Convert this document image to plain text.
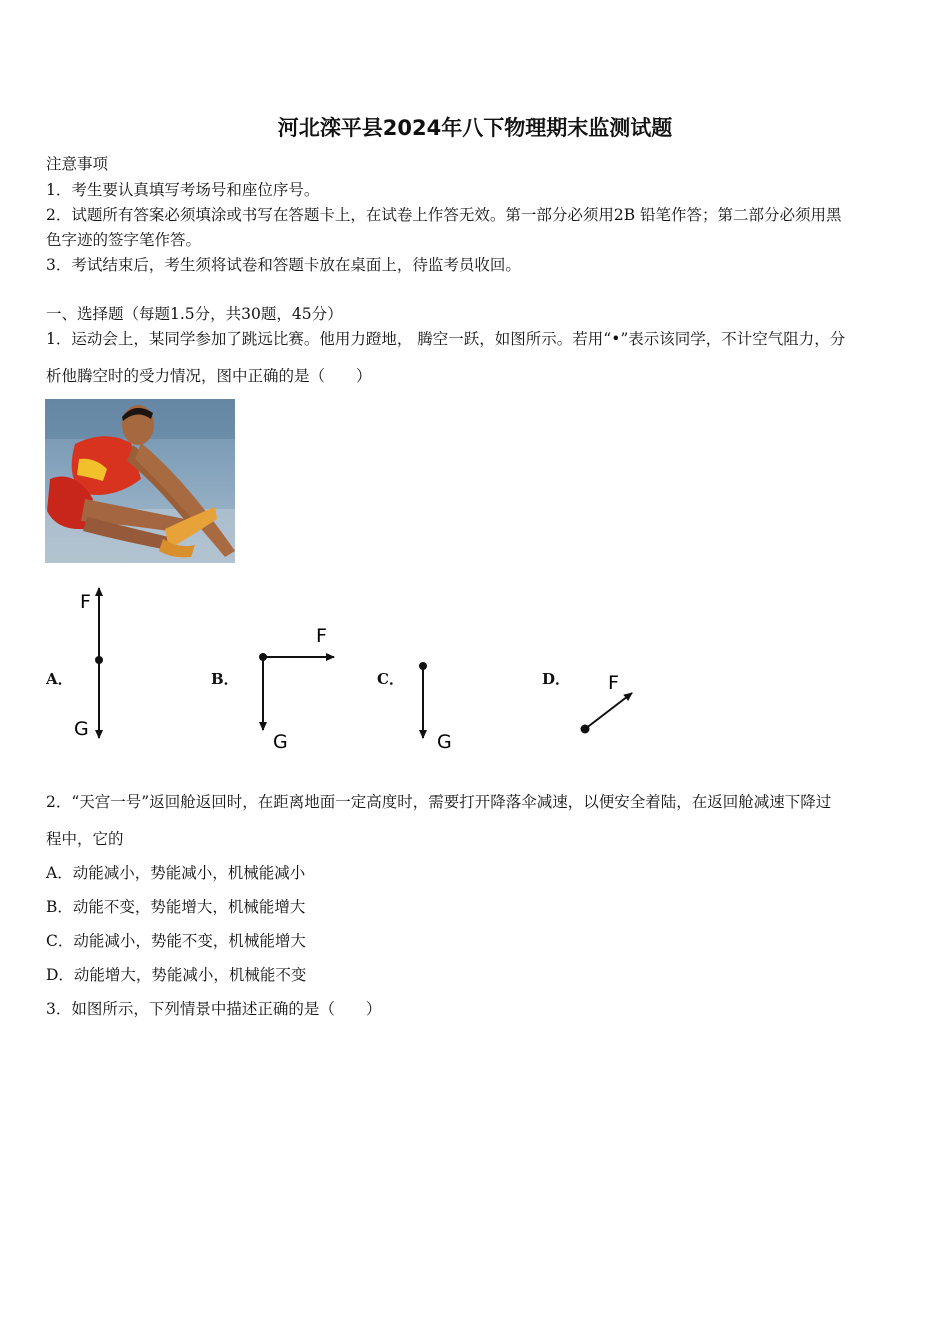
河北滦平县2024年八下物理期末监测试题
注意事项
1．考生要认真填写考场号和座位序号。
2．试题所有答案必须填涂或书写在答题卡上，在试卷上作答无效。第一部分必须用2B 铅笔作答；第二部分必须用黑
色字迹的签字笔作答。
3．考试结束后，考生须将试卷和答题卡放在桌面上，待监考员收回。
一、选择题（每题1.5分，共30题，45分）
1．运动会上，某同学参加了跳远比赛。他用力蹬地， 腾空一跃，如图所示。若用“•”表示该同学，不计空气阻力，分
析他腾空时的受力情况，图中正确的是（　　）
A．	B．	C．	D．
F
G
F
G	G
F
2．“天宫一号”返回舱返回时，在距离地面一定高度时，需要打开降落伞减速，以便安全着陆，在返回舱减速下降过
程中，它的
A．动能减小，势能减小，机械能减小
B．动能不变，势能增大，机械能增大
C．动能减小，势能不变，机械能增大
D．动能增大，势能减小，机械能不变
3．如图所示，下列情景中描述正确的是（　　）
